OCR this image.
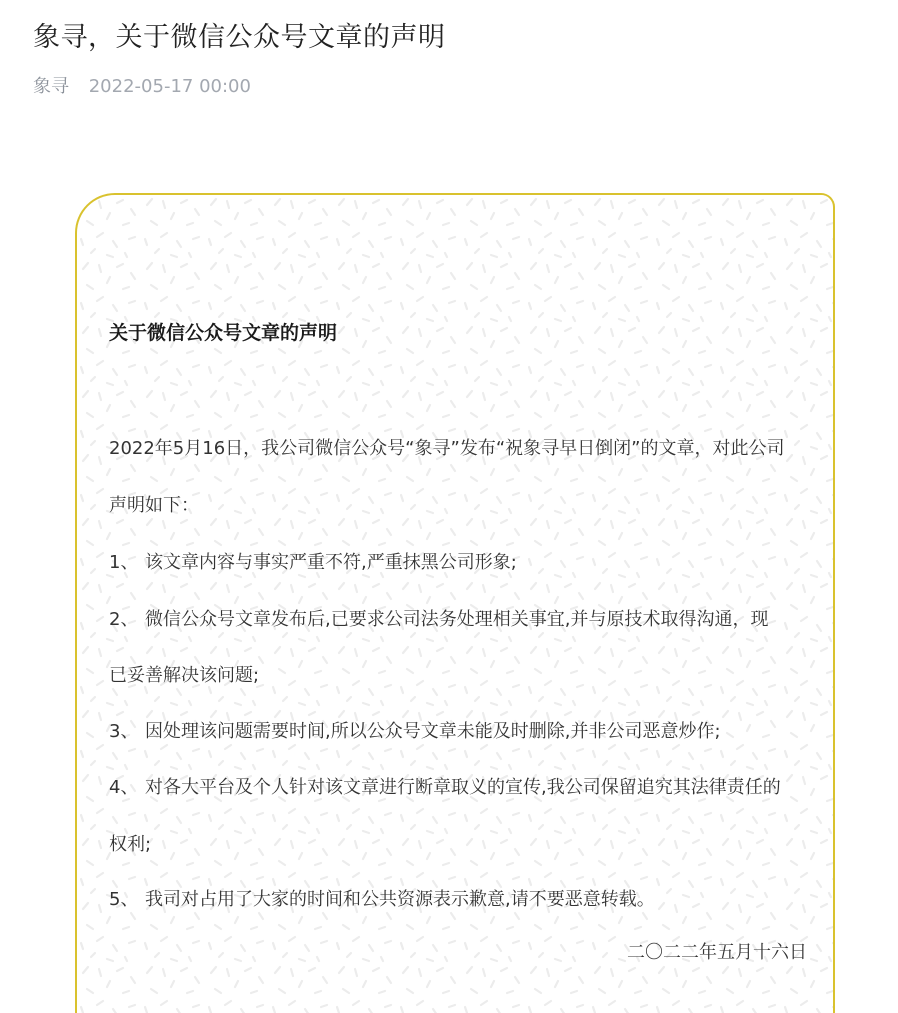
象寻，关于微信公众号文章的声明
象寻 2022-05-17 00:00
关于微信公众号文章的声明
2022年5月16日，我公司微信公众号“象寻”发布“祝象寻早日倒闭”的文章，对此公司
声明如下：
1、 该文章内容与事实严重不符,严重抹黑公司形象;
2、 微信公众号文章发布后,已要求公司法务处理相关事宜,并与原技术取得沟通，现
已妥善解决该问题;
3、 因处理该问题需要时间,所以公众号文章未能及时删除,并非公司恶意炒作;
4、 对各大平台及个人针对该文章进行断章取义的宣传,我公司保留追究其法律责任的
权利;
5、 我司对占用了大家的时间和公共资源表示歉意,请不要恶意转载。
二〇二二年五月十六日
